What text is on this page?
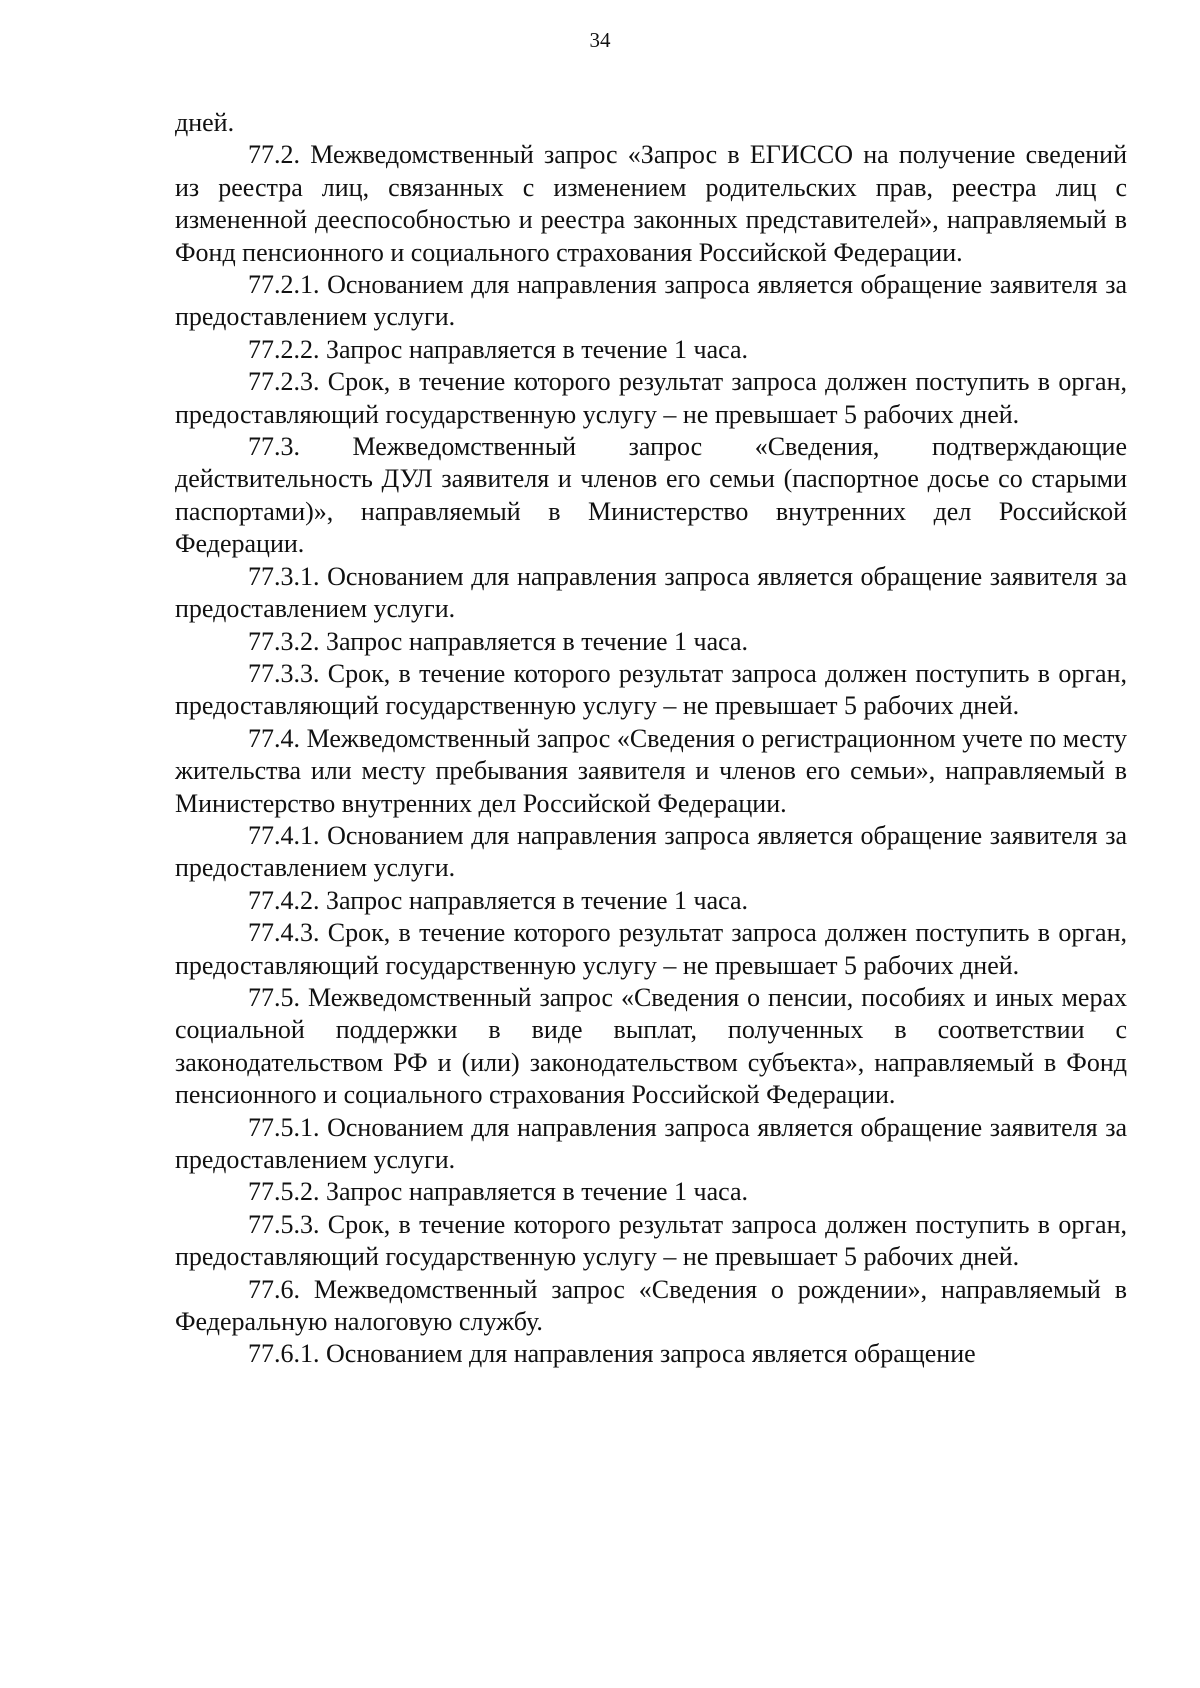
34

дней.

77.2. Межведомственный запрос «Запрос в ЕГИССО на получение сведений из реестра лиц, связанных с изменением родительских прав, реестра лиц с измененной дееспособностью и реестра законных представителей», направляемый в Фонд пенсионного и социального страхования Российской Федерации.

77.2.1. Основанием для направления запроса является обращение заявителя за предоставлением услуги.

77.2.2. Запрос направляется в течение 1 часа.

77.2.3. Срок, в течение которого результат запроса должен поступить в орган, предоставляющий государственную услугу – не превышает 5 рабочих дней.

77.3. Межведомственный запрос «Сведения, подтверждающие действительность ДУЛ заявителя и членов его семьи (паспортное досье со старыми паспортами)», направляемый в Министерство внутренних дел Российской Федерации.

77.3.1. Основанием для направления запроса является обращение заявителя за предоставлением услуги.

77.3.2. Запрос направляется в течение 1 часа.

77.3.3. Срок, в течение которого результат запроса должен поступить в орган, предоставляющий государственную услугу – не превышает 5 рабочих дней.

77.4. Межведомственный запрос «Сведения о регистрационном учете по месту жительства или месту пребывания заявителя и членов его семьи», направляемый в Министерство внутренних дел Российской Федерации.

77.4.1. Основанием для направления запроса является обращение заявителя за предоставлением услуги.

77.4.2. Запрос направляется в течение 1 часа.

77.4.3. Срок, в течение которого результат запроса должен поступить в орган, предоставляющий государственную услугу – не превышает 5 рабочих дней.

77.5. Межведомственный запрос «Сведения о пенсии, пособиях и иных мерах социальной поддержки в виде выплат, полученных в соответствии с законодательством РФ и (или) законодательством субъекта», направляемый в Фонд пенсионного и социального страхования Российской Федерации.

77.5.1. Основанием для направления запроса является обращение заявителя за предоставлением услуги.

77.5.2. Запрос направляется в течение 1 часа.

77.5.3. Срок, в течение которого результат запроса должен поступить в орган, предоставляющий государственную услугу – не превышает 5 рабочих дней.

77.6. Межведомственный запрос «Сведения о рождении», направляемый в Федеральную налоговую службу.

77.6.1. Основанием для направления запроса является обращение
